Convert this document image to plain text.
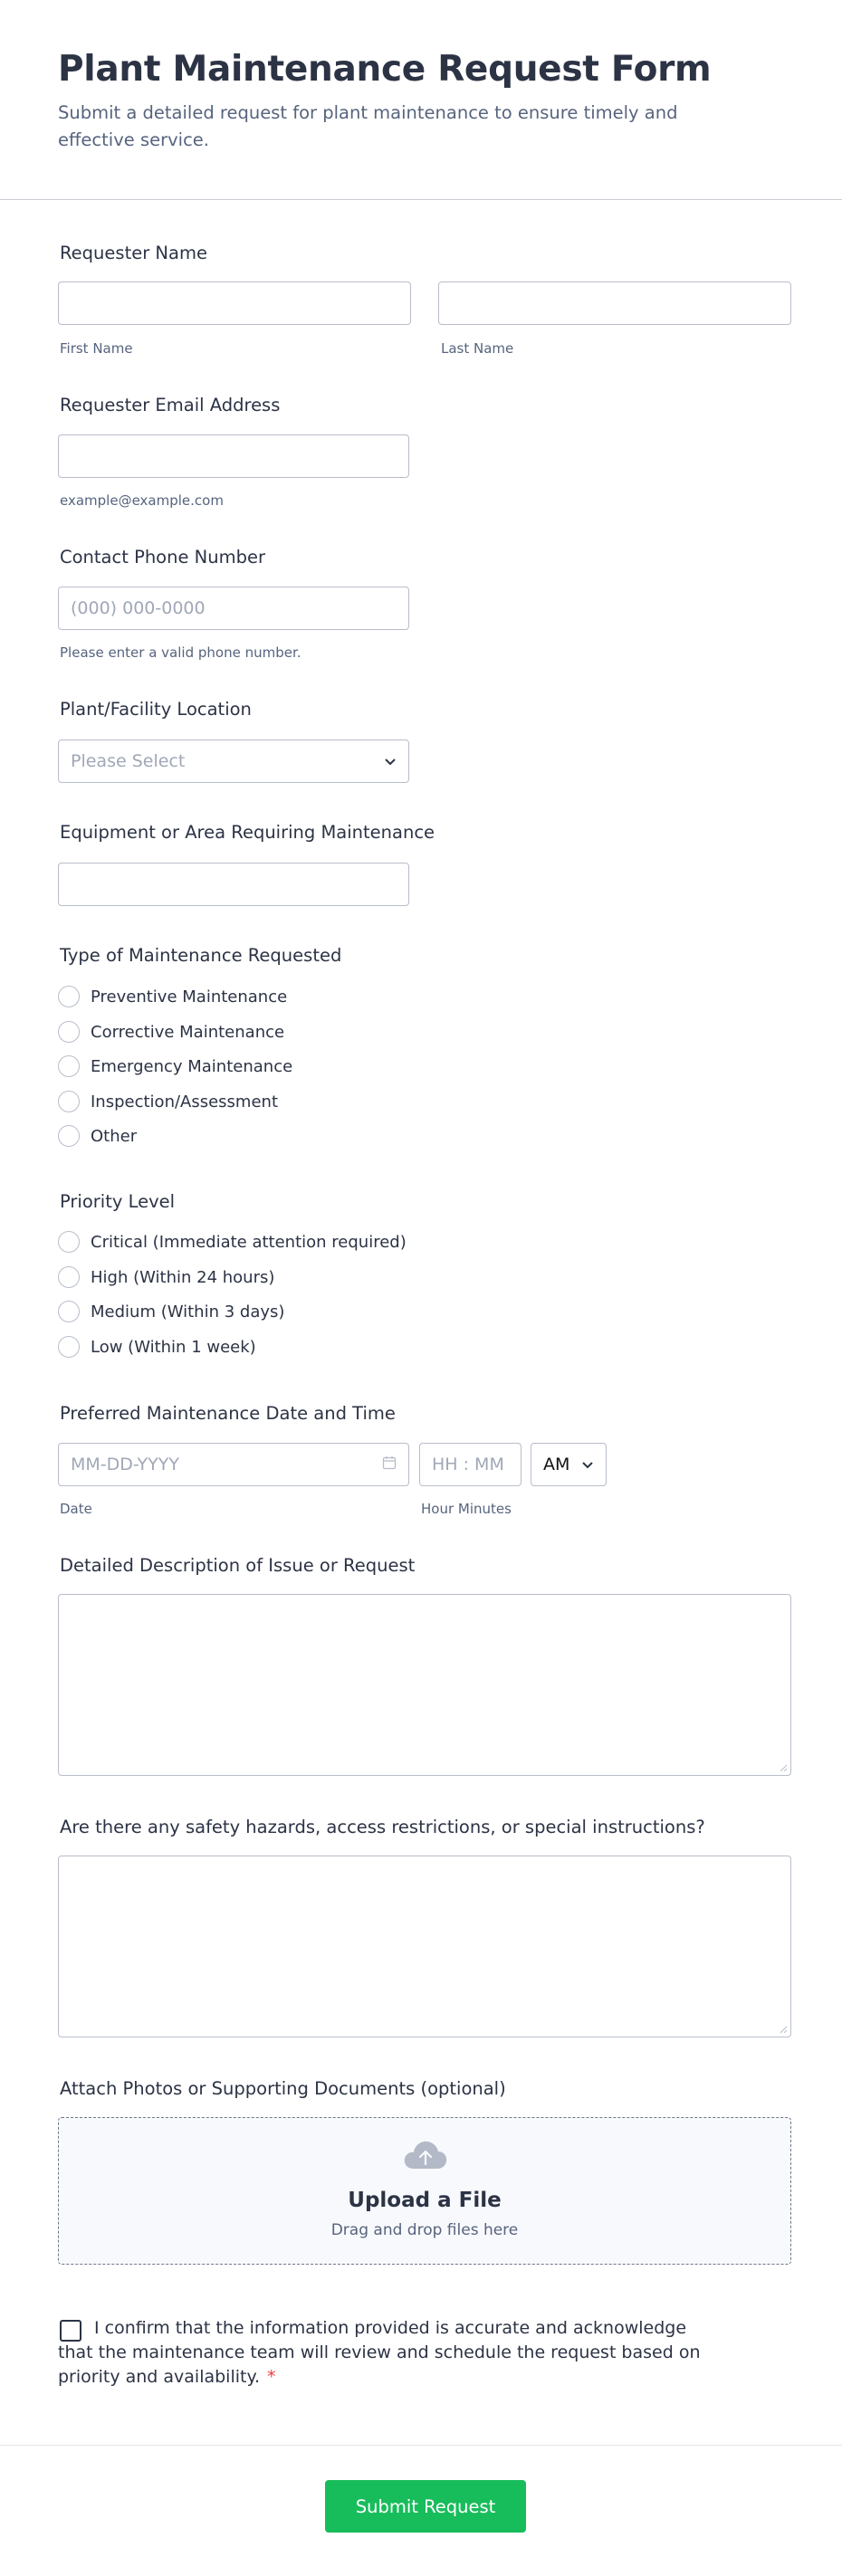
Plant Maintenance Request Form
Submit a detailed request for plant maintenance to ensure timely and effective service.
Requester Name
First Name	Last Name
Requester Email Address
example@example.com
Contact Phone Number
(000) 000-0000
Please enter a valid phone number.
Plant/Facility Location
Please Select
Equipment or Area Requiring Maintenance
Type of Maintenance Requested
Preventive Maintenance
Corrective Maintenance
Emergency Maintenance
Inspection/Assessment
Other
Priority Level
Critical (Immediate attention required)
High (Within 24 hours)
Medium (Within 3 days)
Low (Within 1 week)
Preferred Maintenance Date and Time
MM-DD-YYYY	HH : MM AM
Date	Hour Minutes
Detailed Description of Issue or Request
Are there any safety hazards, access restrictions, or special instructions?
Attach Photos or Supporting Documents (optional)
Upload a File
Drag and drop files here
I confirm that the information provided is accurate and acknowledge that the maintenance team will review and schedule the request based on priority and availability. *
Submit Request
